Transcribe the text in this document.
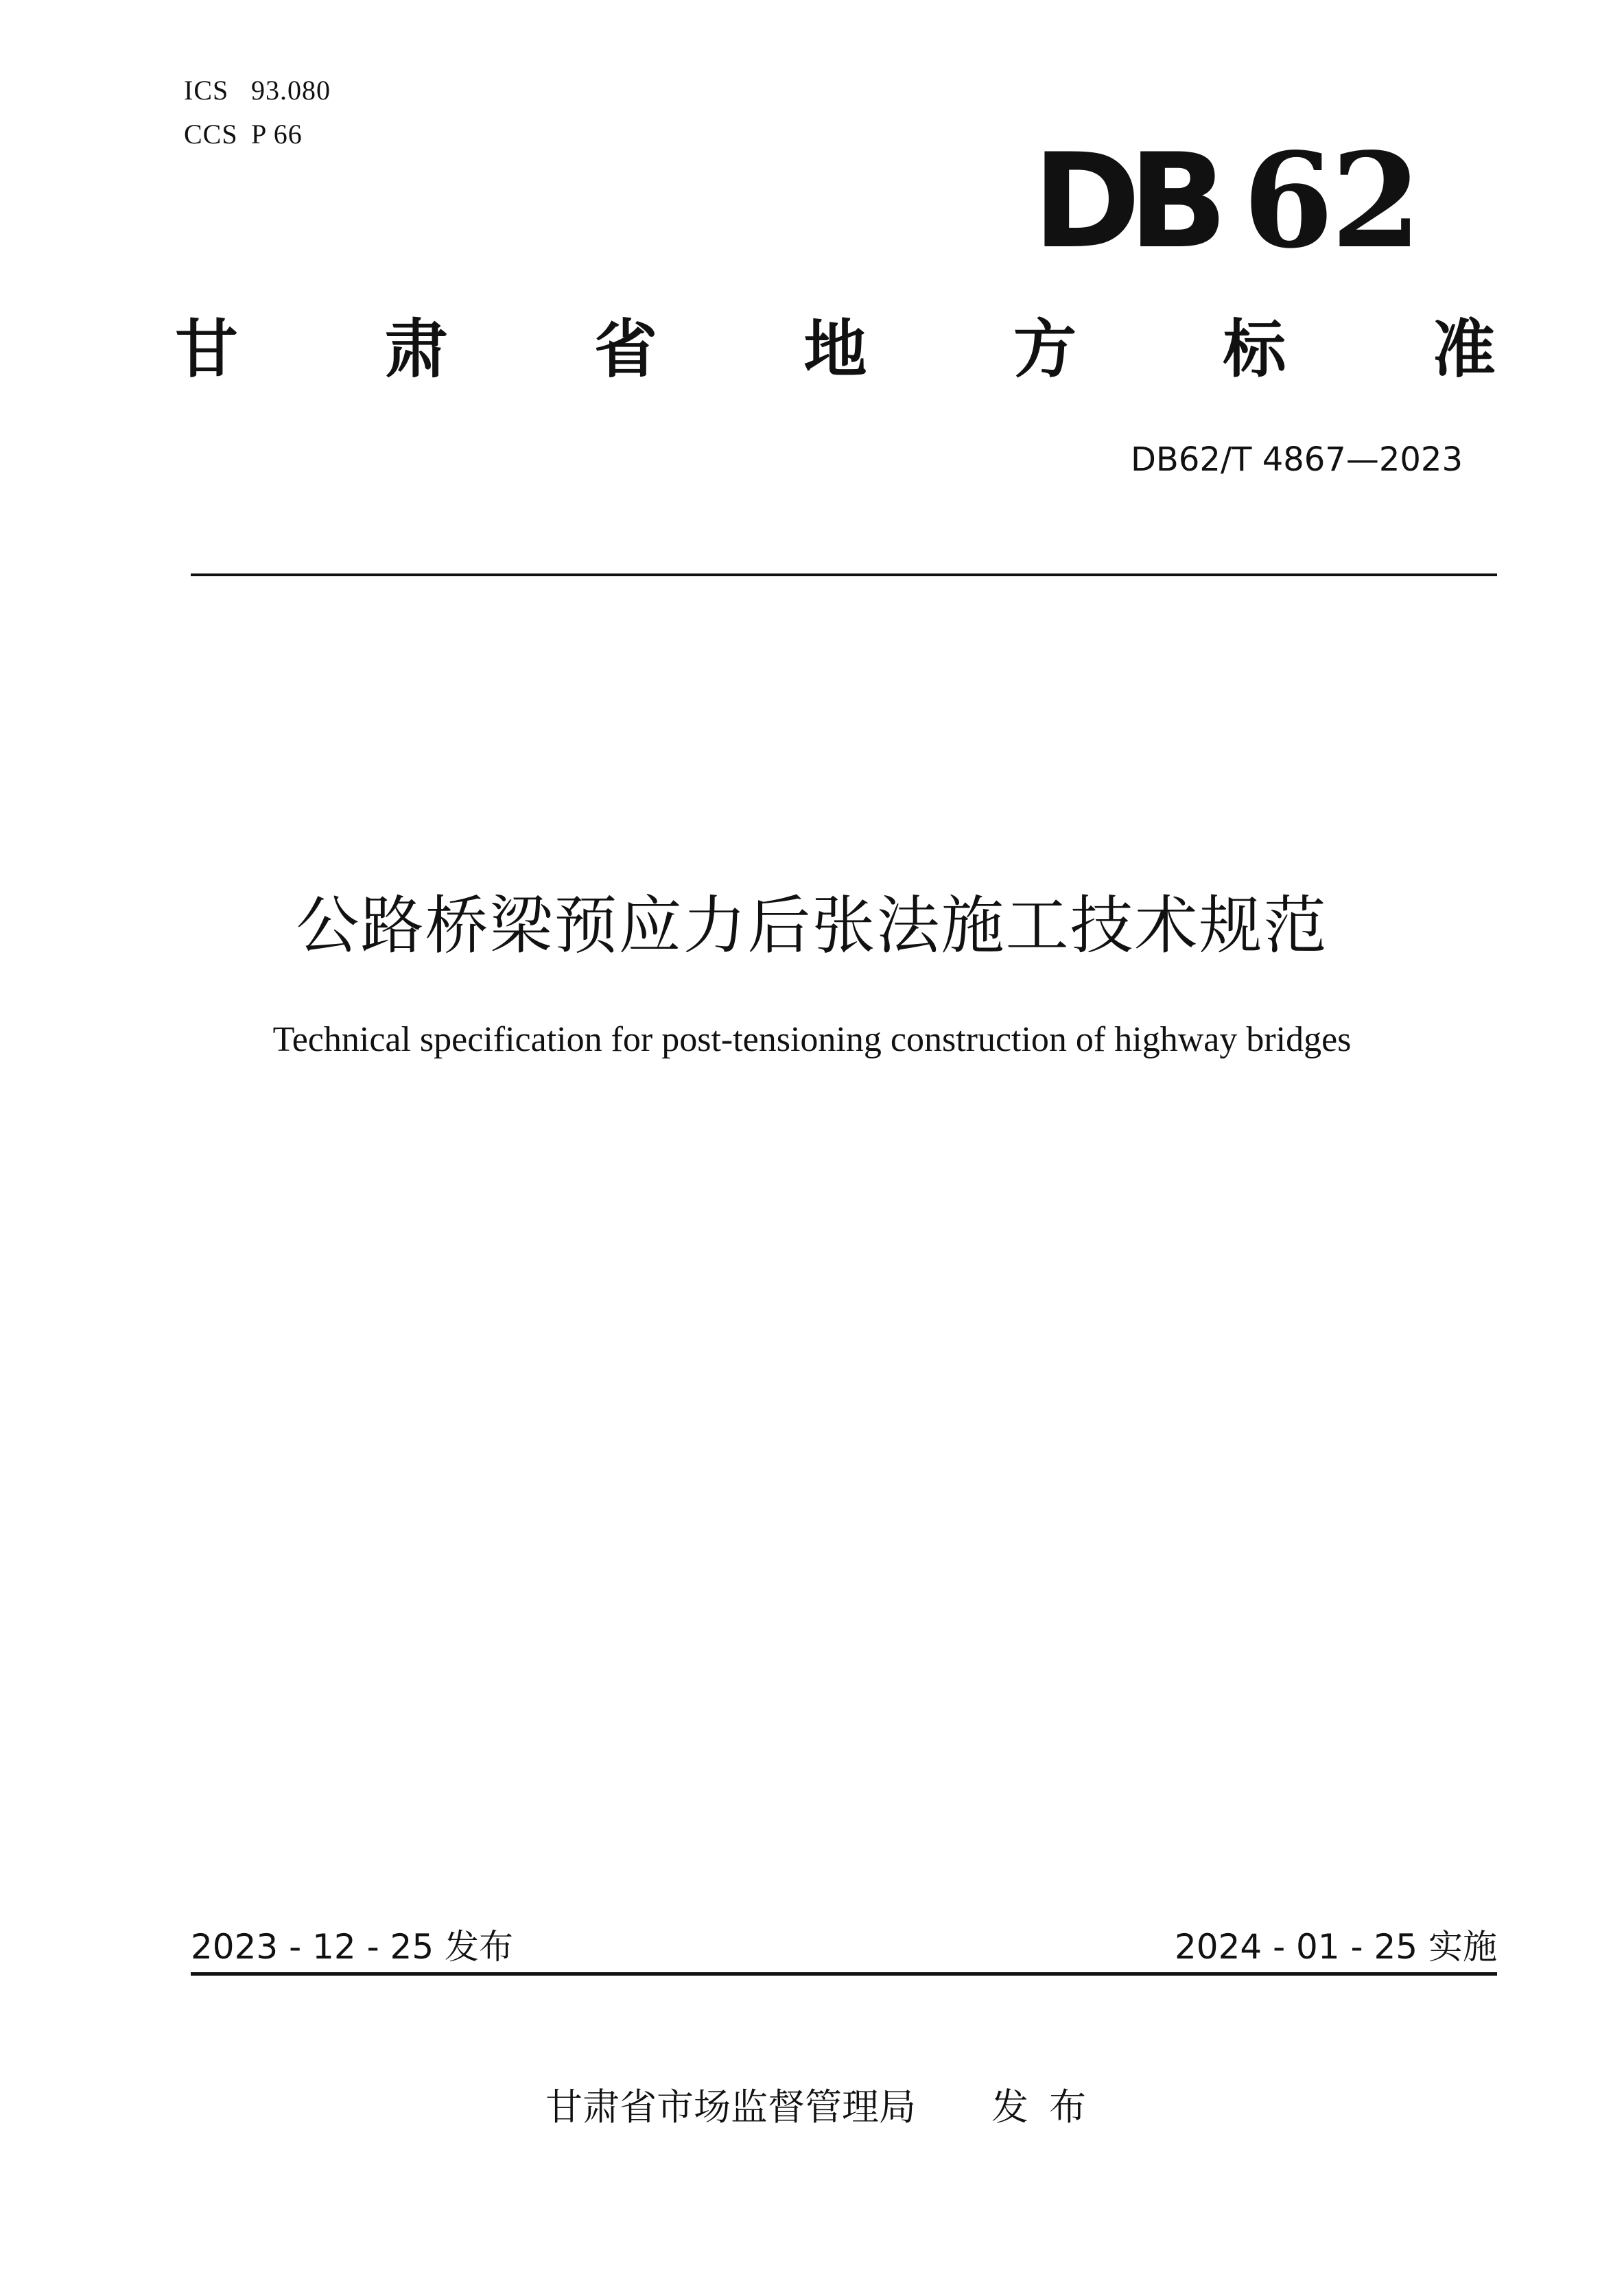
ICS 93.080
CCS P 66	DB 62
甘 肃 省 地 方 标 准
DB62/T 4867—2023
公路桥梁预应力后张法施工技术规范
Technical specification for post-tensioning construction of highway bridges
2023 - 12 - 25 发布	2024 - 01 - 25 实施
甘肃省市场监督管理局 发布
